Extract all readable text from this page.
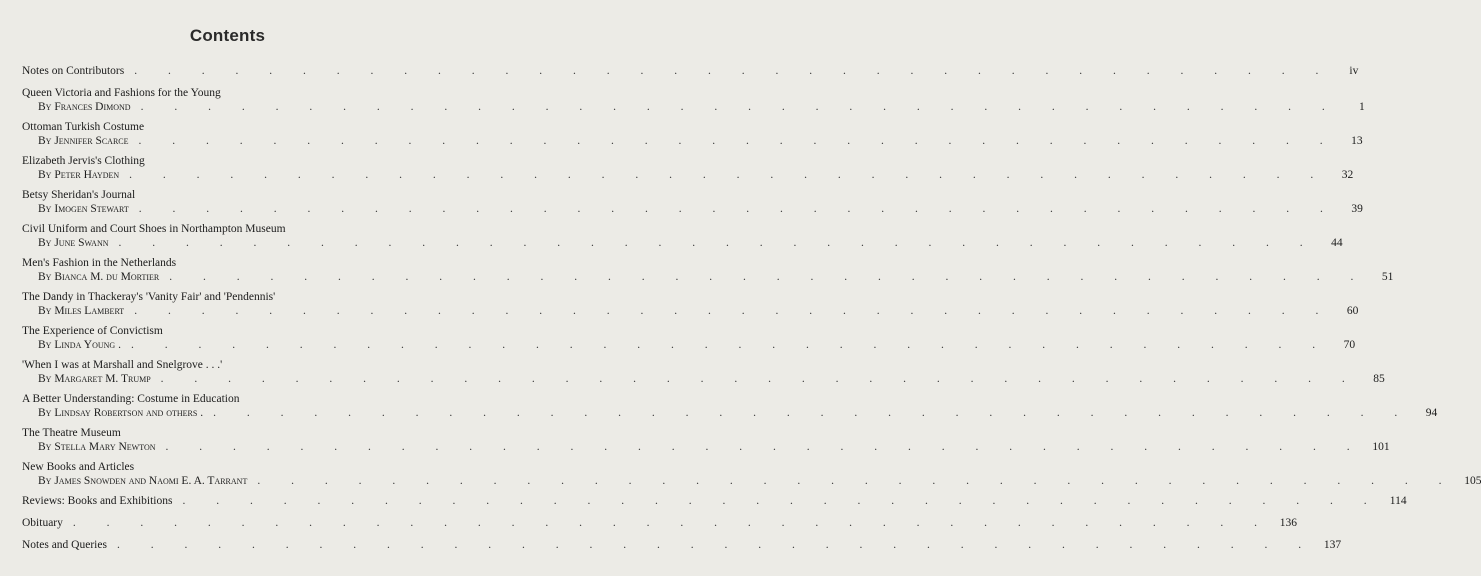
Contents
Notes on Contributors . . . . . . . . . . . . . . . . . . . . . . . . . . . . . . . . . . . .	iv
Queen Victoria and Fashions for the Young
By Frances Dimond . . . . . . . . . . . . . . . . . . . . . . . . . . . . . . . . . . . .	1
Ottoman Turkish Costume
By Jennifer Scarce . . . . . . . . . . . . . . . . . . . . . . . . . . . . . . . . . . . .	13
Elizabeth Jervis's Clothing
By Peter Hayden . . . . . . . . . . . . . . . . . . . . . . . . . . . . . . . . . . . .	32
Betsy Sheridan's Journal
By Imogen Stewart . . . . . . . . . . . . . . . . . . . . . . . . . . . . . . . . . . . .	39
Civil Uniform and Court Shoes in Northampton Museum
By June Swann . . . . . . . . . . . . . . . . . . . . . . . . . . . . . . . . . . . .	44
Men's Fashion in the Netherlands
By Bianca M. du Mortier . . . . . . . . . . . . . . . . . . . . . . . . . . . . . . . . . . . .	51
The Dandy in Thackeray's 'Vanity Fair' and 'Pendennis'
By Miles Lambert . . . . . . . . . . . . . . . . . . . . . . . . . . . . . . . . . . . .	60
The Experience of Convictism
By Linda Young . . . . . . . . . . . . . . . . . . . . . . . . . . . . . . . . . . . . .	70
'When I was at Marshall and Snelgrove . . .'
By Margaret M. Trump . . . . . . . . . . . . . . . . . . . . . . . . . . . . . . . . . . . .	85
A Better Understanding: Costume in Education
By Lindsay Robertson and others . . . . . . . . . . . . . . . . . . . . . . . . . . . . . . . . . . . . .	94
The Theatre Museum
By Stella Mary Newton . . . . . . . . . . . . . . . . . . . . . . . . . . . . . . . . . . . . 101
New Books and Articles
By James Snowden and Naomi E. A. Tarrant . . . . . . . . . . . . . . . . . . . . . . . . . . . . . . . . . . . . 105
Reviews: Books and Exhibitions . . . . . . . . . . . . . . . . . . . . . . . . . . . . . . . . . . . . 114
Obituary . . . . . . . . . . . . . . . . . . . . . . . . . . . . . . . . . . . . 136
Notes and Queries . . . . . . . . . . . . . . . . . . . . . . . . . . . . . . . . . . . . 137
